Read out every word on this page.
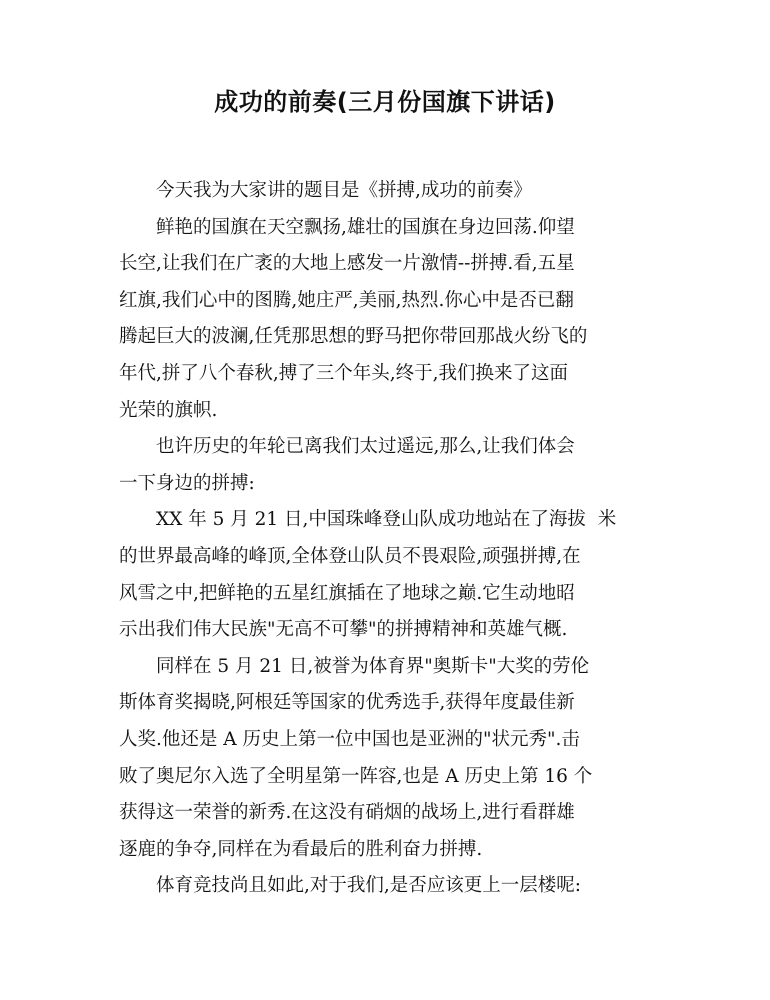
成功的前奏(三月份国旗下讲话)
今天我为大家讲的题目是《拼搏,成功的前奏》
鲜艳的国旗在天空飘扬,雄壮的国旗在身边回荡.仰望
长空,让我们在广袤的大地上感发一片激情--拼搏.看,五星
红旗,我们心中的图腾,她庄严,美丽,热烈.你心中是否已翻
腾起巨大的波澜,任凭那思想的野马把你带回那战火纷飞的
年代,拼了八个春秋,搏了三个年头,终于,我们换来了这面
光荣的旗帜.
也许历史的年轮已离我们太过遥远,那么,让我们体会
一下身边的拼搏:
XX 年 5 月 21 日,中国珠峰登山队成功地站在了海拔  米
的世界最高峰的峰顶,全体登山队员不畏艰险,顽强拼搏,在
风雪之中,把鲜艳的五星红旗插在了地球之巅.它生动地昭
示出我们伟大民族"无高不可攀"的拼搏精神和英雄气概.
同样在 5 月 21 日,被誉为体育界"奥斯卡"大奖的劳伦
斯体育奖揭晓,阿根廷等国家的优秀选手,获得年度最佳新
人奖.他还是 A 历史上第一位中国也是亚洲的"状元秀".击
败了奥尼尔入选了全明星第一阵容,也是 A 历史上第 16 个
获得这一荣誉的新秀.在这没有硝烟的战场上,进行看群雄
逐鹿的争夺,同样在为看最后的胜利奋力拼搏.
体育竞技尚且如此,对于我们,是否应该更上一层楼呢:
